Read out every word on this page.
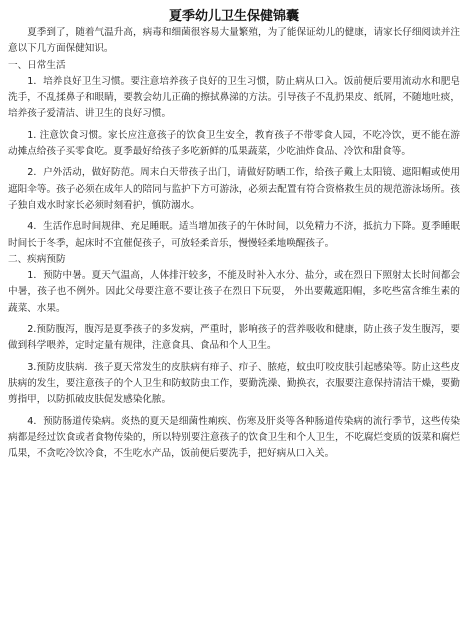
夏季幼儿卫生保健锦囊

夏季到了，随着气温升高，病毒和细菌很容易大量繁殖，为了能保证幼儿的健康，请家长仔细阅读并注意以下几方面保健知识。

一、日常生活

1．培养良好卫生习惯。要注意培养孩子良好的卫生习惯，防止病从口入。饭前便后要用流动水和肥皂洗手，不乱揉鼻子和眼睛，要教会幼儿正确的擦拭鼻涕的方法。引导孩子不乱扔果皮、纸屑，不随地吐痰，培养孩子爱清洁、讲卫生的良好习惯。

1. 注意饮食习惯。家长应注意孩子的饮食卫生安全，教育孩子不带零食人园，不吃冷饮，更不能在游动摊点给孩子买零食吃。夏季最好给孩子多吃新鲜的瓜果蔬菜，少吃油炸食品、冷饮和甜食等。

2．户外活动，做好防范。周末白天带孩子出门，请做好防晒工作，给孩子戴上太阳镜、遮阳帽或使用遮阳伞等。孩子必须在成年人的陪同与监护下方可游泳，必须去配置有符合资格救生员的规范游泳场所。孩子独自戏水时家长必须时刻看护，慎防溺水。

4．生活作息时间规律、充足睡眠。适当增加孩子的午休时间，以免精力不济，抵抗力下降。夏季睡眠时间长于冬季，起床时不宜催促孩子，可放轻柔音乐，慢慢轻柔地唤醒孩子。

二、疾病预防

1．预防中暑。夏天气温高，人体排汗较多，不能及时补入水分、盐分，或在烈日下照射太长时间都会中暑，孩子也不例外。因此父母要注意不要让孩子在烈日下玩耍， 外出要戴遮阳帽，多吃些富含维生素的蔬菜、水果。

2.预防腹泻，腹泻是夏季孩子的多发病，严重时，影响孩子的营养吸收和健康，防止孩子发生腹泻，要做到科学喂养，定时定量有规律，注意食具、食品和个人卫生。

3.预防皮肤病．孩子夏天常发生的皮肤病有痱子、疖子、脓疮，蚊虫叮咬皮肤引起感染等。防止这些皮肤病的发生，要注意孩子的个人卫生和防蚊防虫工作，要勤洗澡、勤换衣，衣服要注意保持清洁干燥，要勤剪指甲，以防抓破皮肤促发感染化脓。

4．预防肠道传染病。炎热的夏天是细菌性痢疾、伤寒及肝炎等各种肠道传染病的流行季节，这些传染病都是经过饮食或者食物传染的，所以特别要注意孩子的饮食卫生和个人卫生，不吃腐烂变质的饭菜和腐烂瓜果，不贪吃冷饮冷食，不生吃水产品，饭前便后要洗手，把好病从口入关。
